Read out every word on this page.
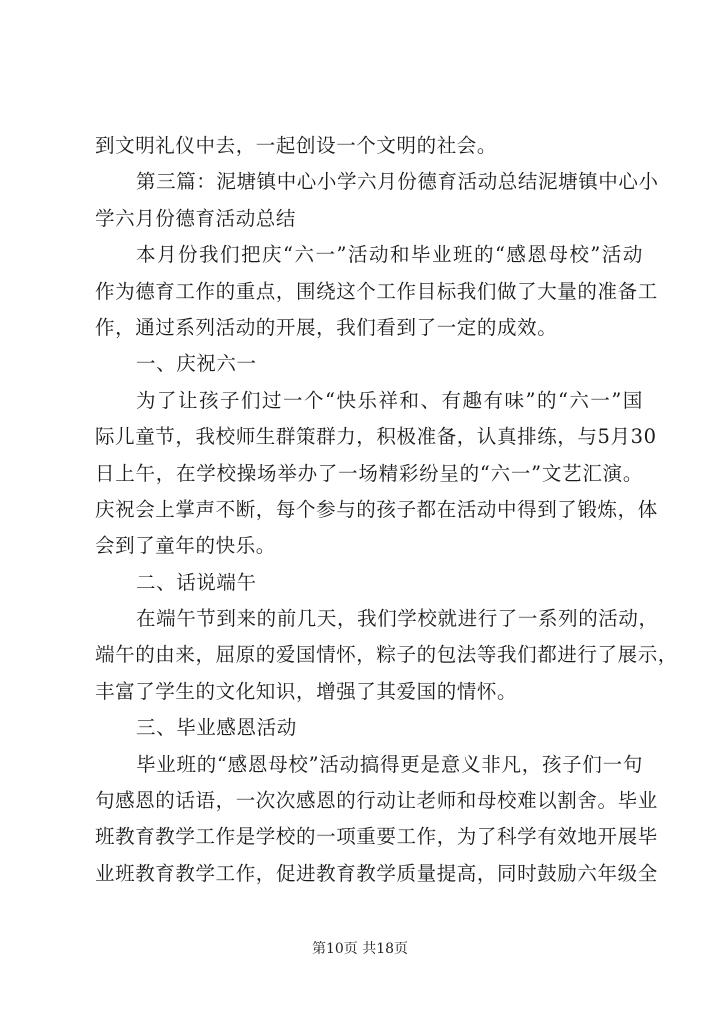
到文明礼仪中去，一起创设一个文明的社会。
第三篇：泥塘镇中心小学六月份德育活动总结泥塘镇中心小
学六月份德育活动总结
本月份我们把庆“六一”活动和毕业班的“感恩母校”活动
作为德育工作的重点，围绕这个工作目标我们做了大量的准备工
作，通过系列活动的开展，我们看到了一定的成效。
一、庆祝六一
为了让孩子们过一个“快乐祥和、有趣有味”的“六一”国
际儿童节，我校师生群策群力，积极准备，认真排练，与5月30
日上午，在学校操场举办了一场精彩纷呈的“六一”文艺汇演。
庆祝会上掌声不断，每个参与的孩子都在活动中得到了锻炼，体
会到了童年的快乐。
二、话说端午
在端午节到来的前几天，我们学校就进行了一系列的活动，
端午的由来，屈原的爱国情怀，粽子的包法等我们都进行了展示，
丰富了学生的文化知识，增强了其爱国的情怀。
三、毕业感恩活动
毕业班的“感恩母校”活动搞得更是意义非凡，孩子们一句
句感恩的话语，一次次感恩的行动让老师和母校难以割舍。毕业
班教育教学工作是学校的一项重要工作，为了科学有效地开展毕
业班教育教学工作，促进教育教学质量提高，同时鼓励六年级全
第10页 共18页
